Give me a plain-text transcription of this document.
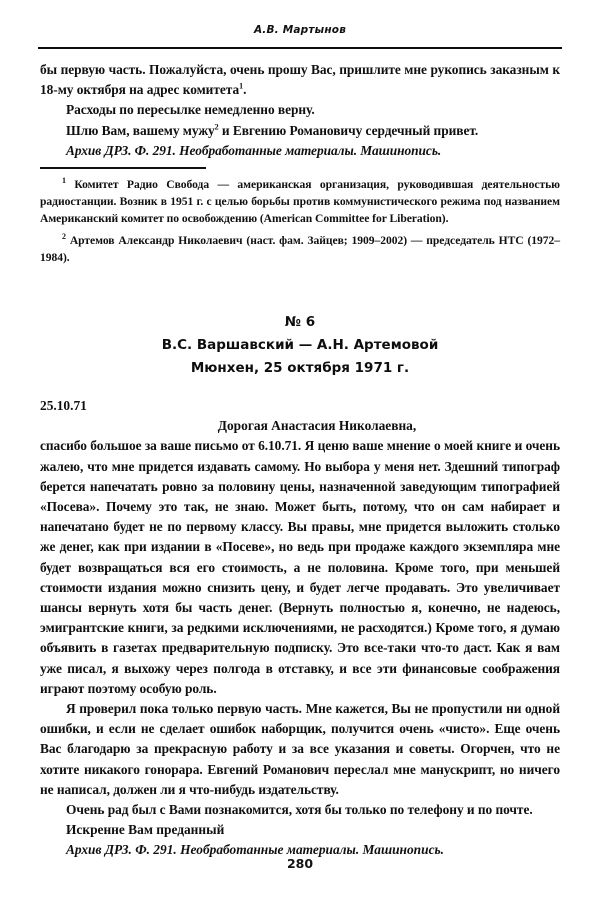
А.В. Мартынов

бы первую часть. Пожалуйста, очень прошу Вас, пришлите мне рукопись заказным к 18-му октября на адрес комитета$^1$.

Расходы по пересылке немедленно верну.

Шлю Вам, вашему мужу$^2$ и Евгению Романовичу сердечный привет.

Архив ДРЗ. Ф. 291. Необработанные материалы. Машинопись.

$^1$ Комитет Радио Свобода — американская организация, руководившая деятельностью радиостанции. Возник в 1951 г. с целью борьбы против коммунистического режима под названием Американский комитет по освобождению (American Committee for Liberation).

$^2$ Артемов Александр Николаевич (наст. фам. Зайцев; 1909–2002) — председатель НТС (1972–1984).

№ 6
В.С. Варшавский — А.Н. Артемовой
Мюнхен, 25 октября 1971 г.
25.10.71
Дорогая Анастасия Николаевна,

спасибо большое за ваше письмо от 6.10.71. Я ценю ваше мнение о моей книге и очень жалею, что мне придется издавать самому. Но выбора у меня нет. Здешний типограф берется напечатать ровно за половину цены, назначенной заведующим типографией «Посева». Почему это так, не знаю. Может быть, потому, что он сам набирает и напечатано будет не по первому классу. Вы правы, мне придется выложить столько же денег, как при издании в «Посеве», но ведь при продаже каждого экземпляра мне будет возвращаться вся его стоимость, а не половина. Кроме того, при меньшей стоимости издания можно снизить цену, и будет легче продавать. Это увеличивает шансы вернуть хотя бы часть денег. (Вернуть полностью я, конечно, не надеюсь, эмигрантские книги, за редкими исключениями, не расходятся.) Кроме того, я думаю объявить в газетах предварительную подписку. Это все-таки что-то даст. Как я вам уже писал, я выхожу через полгода в отставку, и все эти финансовые соображения играют поэтому особую роль.

Я проверил пока только первую часть. Мне кажется, Вы не пропустили ни одной ошибки, и если не сделает ошибок наборщик, получится очень «чисто». Еще очень Вас благодарю за прекрасную работу и за все указания и советы. Огорчен, что не хотите никакого гонорара. Евгений Романович переслал мне манускрипт, но ничего не написал, должен ли я что-нибудь издательству.

Очень рад был с Вами познакомится, хотя бы только по телефону и по почте.

Искренне Вам преданный
Архив ДРЗ. Ф. 291. Необработанные материалы. Машинопись.
280
